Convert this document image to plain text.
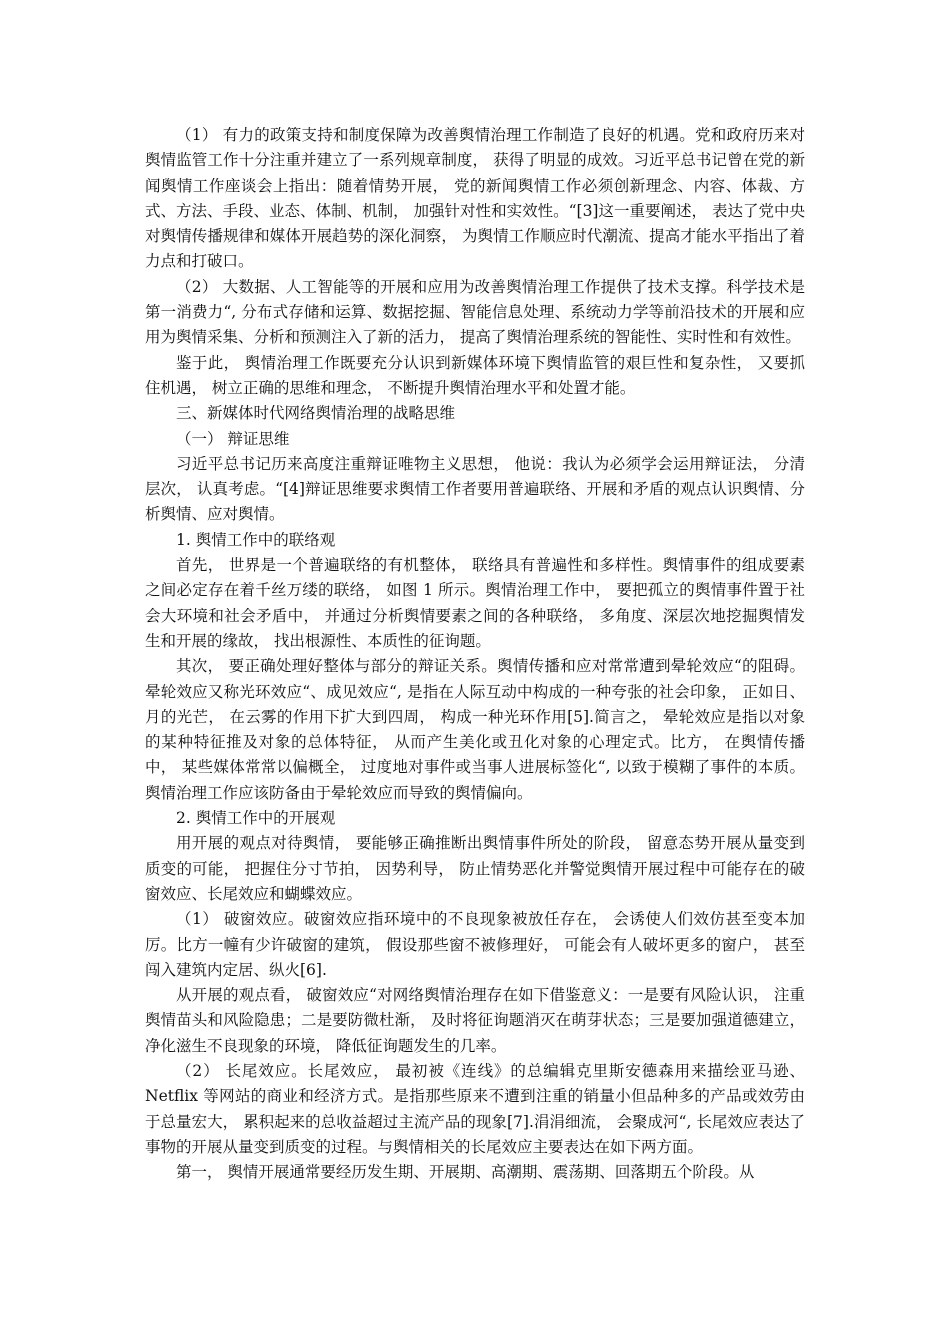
（1） 有力的政策支持和制度保障为改善舆情治理工作制造了良好的机遇。党和政府历来对舆情监管工作十分注重并建立了一系列规章制度， 获得了明显的成效。习近平总书记曾在党的新闻舆情工作座谈会上指出：随着情势开展， 党的新闻舆情工作必须创新理念、内容、体裁、方式、方法、手段、业态、体制、机制， 加强针对性和实效性。“[3]这一重要阐述， 表达了党中央对舆情传播规律和媒体开展趋势的深化洞察， 为舆情工作顺应时代潮流、提高才能水平指出了着力点和打破口。

（2） 大数据、人工智能等的开展和应用为改善舆情治理工作提供了技术支撑。科学技术是第一消费力“, 分布式存储和运算、数据挖掘、智能信息处理、系统动力学等前沿技术的开展和应用为舆情采集、分析和预测注入了新的活力， 提高了舆情治理系统的智能性、实时性和有效性。

鉴于此， 舆情治理工作既要充分认识到新媒体环境下舆情监管的艰巨性和复杂性， 又要抓住机遇， 树立正确的思维和理念， 不断提升舆情治理水平和处置才能。

三、新媒体时代网络舆情治理的战略思维

（一） 辩证思维

习近平总书记历来高度注重辩证唯物主义思想， 他说：我认为必须学会运用辩证法， 分清层次， 认真考虑。“[4]辩证思维要求舆情工作者要用普遍联络、开展和矛盾的观点认识舆情、分析舆情、应对舆情。

1. 舆情工作中的联络观

首先， 世界是一个普遍联络的有机整体， 联络具有普遍性和多样性。舆情事件的组成要素之间必定存在着千丝万缕的联络， 如图 1 所示。舆情治理工作中， 要把孤立的舆情事件置于社会大环境和社会矛盾中， 并通过分析舆情要素之间的各种联络， 多角度、深层次地挖掘舆情发生和开展的缘故， 找出根源性、本质性的征询题。

其次， 要正确处理好整体与部分的辩证关系。舆情传播和应对常常遭到晕轮效应“的阻碍。晕轮效应又称光环效应“、成见效应“, 是指在人际互动中构成的一种夸张的社会印象， 正如日、月的光芒， 在云雾的作用下扩大到四周， 构成一种光环作用[5].简言之， 晕轮效应是指以对象的某种特征推及对象的总体特征， 从而产生美化或丑化对象的心理定式。比方， 在舆情传播中， 某些媒体常常以偏概全， 过度地对事件或当事人进展标签化“, 以致于模糊了事件的本质。舆情治理工作应该防备由于晕轮效应而导致的舆情偏向。

2. 舆情工作中的开展观

用开展的观点对待舆情， 要能够正确推断出舆情事件所处的阶段， 留意态势开展从量变到质变的可能， 把握住分寸节拍， 因势利导， 防止情势恶化并警觉舆情开展过程中可能存在的破窗效应、长尾效应和蝴蝶效应。

（1） 破窗效应。破窗效应指环境中的不良现象被放任存在， 会诱使人们效仿甚至变本加厉。比方一幢有少许破窗的建筑， 假设那些窗不被修理好， 可能会有人破坏更多的窗户， 甚至闯入建筑内定居、纵火[6].

从开展的观点看， 破窗效应“对网络舆情治理存在如下借鉴意义：一是要有风险认识， 注重舆情苗头和风险隐患；二是要防微杜渐， 及时将征询题消灭在萌芽状态；三是要加强道德建立， 净化滋生不良现象的环境， 降低征询题发生的几率。

（2） 长尾效应。长尾效应， 最初被《连线》的总编辑克里斯安德森用来描绘亚马逊、Netflix 等网站的商业和经济方式。是指那些原来不遭到注重的销量小但品种多的产品或效劳由于总量宏大， 累积起来的总收益超过主流产品的现象[7].涓涓细流， 会聚成河“, 长尾效应表达了事物的开展从量变到质变的过程。与舆情相关的长尾效应主要表达在如下两方面。

第一， 舆情开展通常要经历发生期、开展期、高潮期、震荡期、回落期五个阶段。从
